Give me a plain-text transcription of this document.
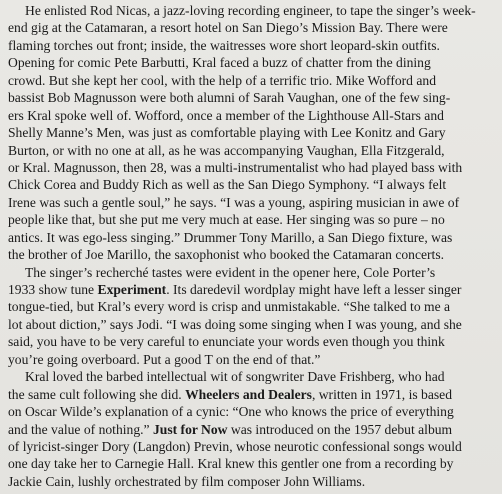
He enlisted Rod Nicas, a jazz-loving recording engineer, to tape the singer’s week-
end gig at the Catamaran, a resort hotel on San Diego’s Mission Bay. There were
flaming torches out front; inside, the waitresses wore short leopard-skin outfits.
Opening for comic Pete Barbutti, Kral faced a buzz of chatter from the dining
crowd. But she kept her cool, with the help of a terrific trio. Mike Wofford and
bassist Bob Magnusson were both alumni of Sarah Vaughan, one of the few sing-
ers Kral spoke well of. Wofford, once a member of the Lighthouse All-Stars and
Shelly Manne’s Men, was just as comfortable playing with Lee Konitz and Gary
Burton, or with no one at all, as he was accompanying Vaughan, Ella Fitzgerald,
or Kral. Magnusson, then 28, was a multi-instrumentalist who had played bass with
Chick Corea and Buddy Rich as well as the San Diego Symphony. “I always felt
Irene was such a gentle soul,” he says. “I was a young, aspiring musician in awe of
people like that, but she put me very much at ease. Her singing was so pure – no
antics. It was ego-less singing.” Drummer Tony Marillo, a San Diego fixture, was
the brother of Joe Marillo, the saxophonist who booked the Catamaran concerts.
The singer’s recherché tastes were evident in the opener here, Cole Porter’s
1933 show tune Experiment. Its daredevil wordplay might have left a lesser singer
tongue-tied, but Kral’s every word is crisp and unmistakable. “She talked to me a
lot about diction,” says Jodi. “I was doing some singing when I was young, and she
said, you have to be very careful to enunciate your words even though you think
you’re going overboard. Put a good T on the end of that.”
Kral loved the barbed intellectual wit of songwriter Dave Frishberg, who had
the same cult following she did. Wheelers and Dealers, written in 1971, is based
on Oscar Wilde’s explanation of a cynic: “One who knows the price of everything
and the value of nothing.” Just for Now was introduced on the 1957 debut album
of lyricist-singer Dory (Langdon) Previn, whose neurotic confessional songs would
one day take her to Carnegie Hall. Kral knew this gentler one from a recording by
Jackie Cain, lushly orchestrated by film composer John Williams.
